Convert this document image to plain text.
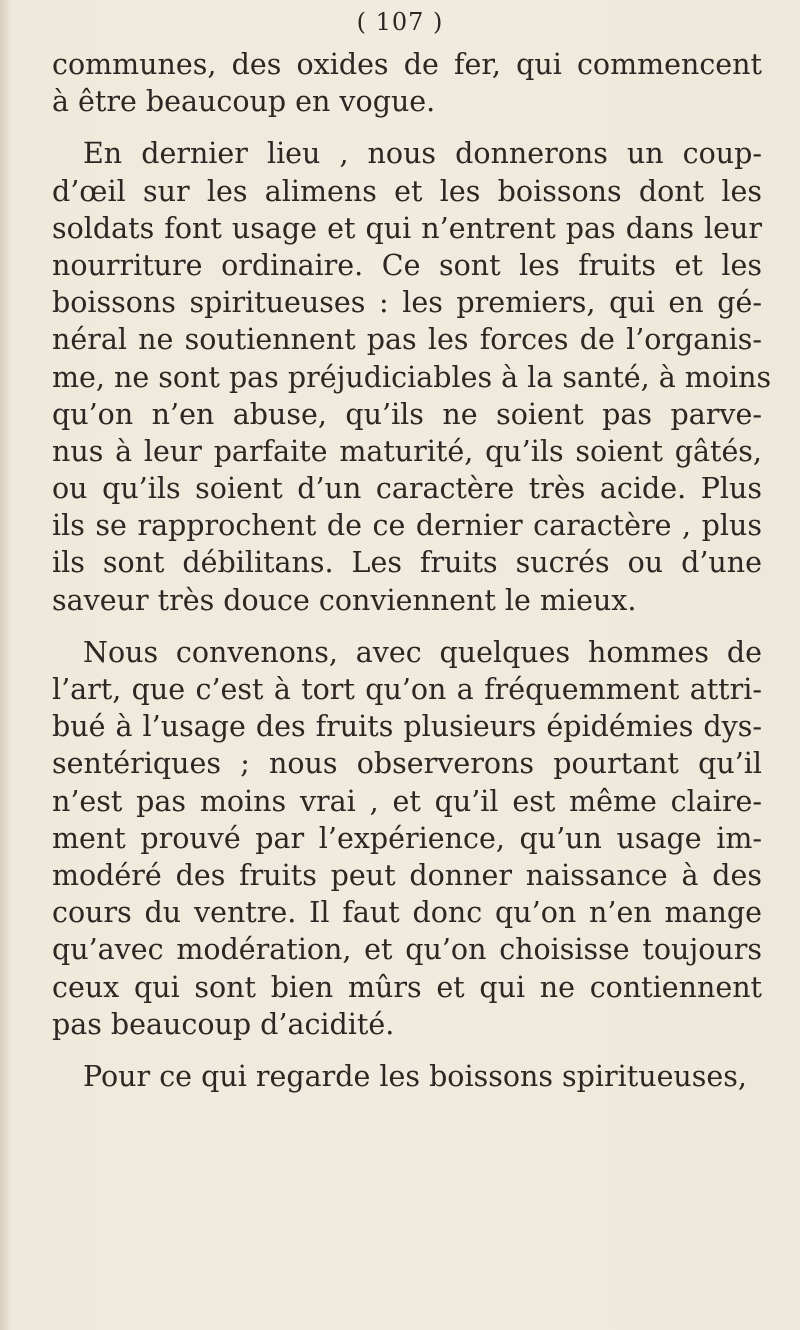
( 107 )
communes, des oxides de fer, qui commencent
à être beaucoup en vogue.
En dernier lieu , nous donnerons un coup-
d’œil sur les alimens et les boissons dont les
soldats font usage et qui n’entrent pas dans leur
nourriture ordinaire. Ce sont les fruits et les
boissons spiritueuses : les premiers, qui en gé-
néral ne soutiennent pas les forces de l’organis-
me, ne sont pas préjudiciables à la santé, à moins
qu’on n’en abuse, qu’ils ne soient pas parve-
nus à leur parfaite maturité, qu’ils soient gâtés,
ou qu’ils soient d’un caractère très acide. Plus
ils se rapprochent de ce dernier caractère , plus
ils sont débilitans. Les fruits sucrés ou d’une
saveur très douce conviennent le mieux.
Nous convenons, avec quelques hommes de
l’art, que c’est à tort qu’on a fréquemment attri-
bué à l’usage des fruits plusieurs épidémies dys-
sentériques ; nous observerons pourtant qu’il
n’est pas moins vrai , et qu’il est même claire-
ment prouvé par l’expérience, qu’un usage im-
modéré des fruits peut donner naissance à des
cours du ventre. Il faut donc qu’on n’en mange
qu’avec modération, et qu’on choisisse toujours
ceux qui sont bien mûrs et qui ne contiennent
pas beaucoup d’acidité.
Pour ce qui regarde les boissons spiritueuses,
